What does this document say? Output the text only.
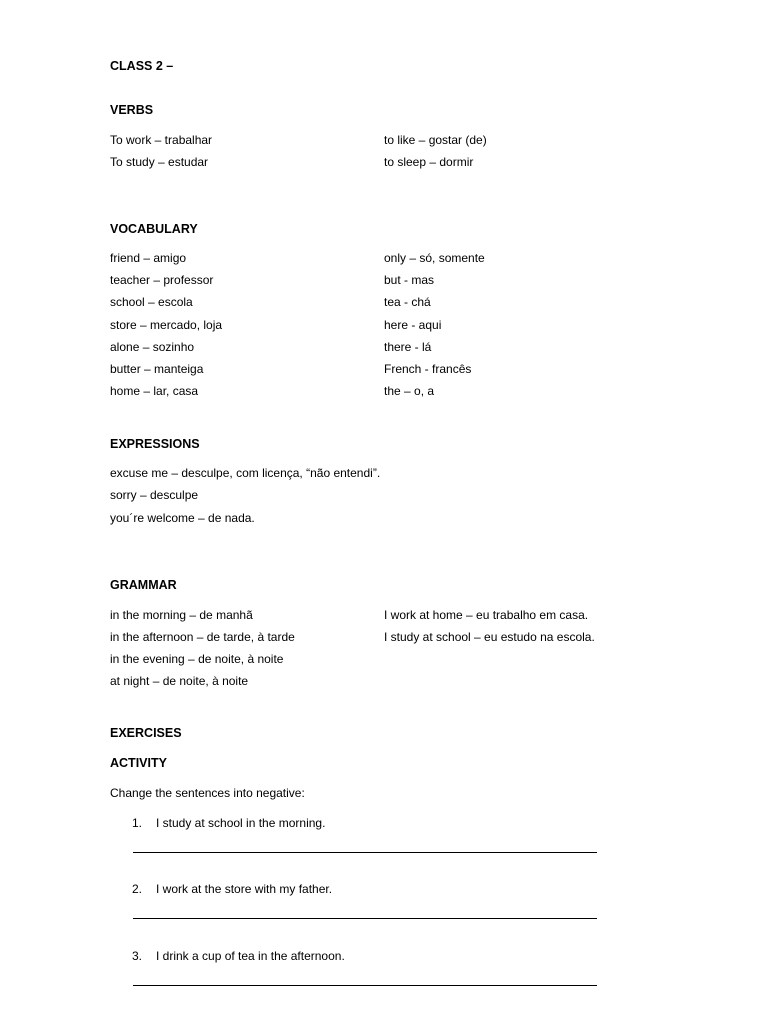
CLASS 2 –
VERBS
To work – trabalhar
To study – estudar
to like – gostar (de)
to sleep – dormir
VOCABULARY
friend – amigo
teacher – professor
school – escola
store – mercado, loja
alone – sozinho
butter – manteiga
home – lar, casa
only – só, somente
but - mas
tea - chá
here - aqui
there - lá
French - francês
the – o, a
EXPRESSIONS
excuse me – desculpe, com licença, “não entendi”.
sorry – desculpe
you´re welcome – de nada.
GRAMMAR
in the morning – de manhã
in the afternoon – de tarde, à tarde
in the evening – de noite, à noite
at night – de noite, à noite
I work at home – eu trabalho em casa.
I study at school – eu estudo na escola.
EXERCISES
ACTIVITY
Change the sentences into negative:
1. I study at school in the morning.
2. I work at the store with my father.
3. I drink a cup of tea in the afternoon.
